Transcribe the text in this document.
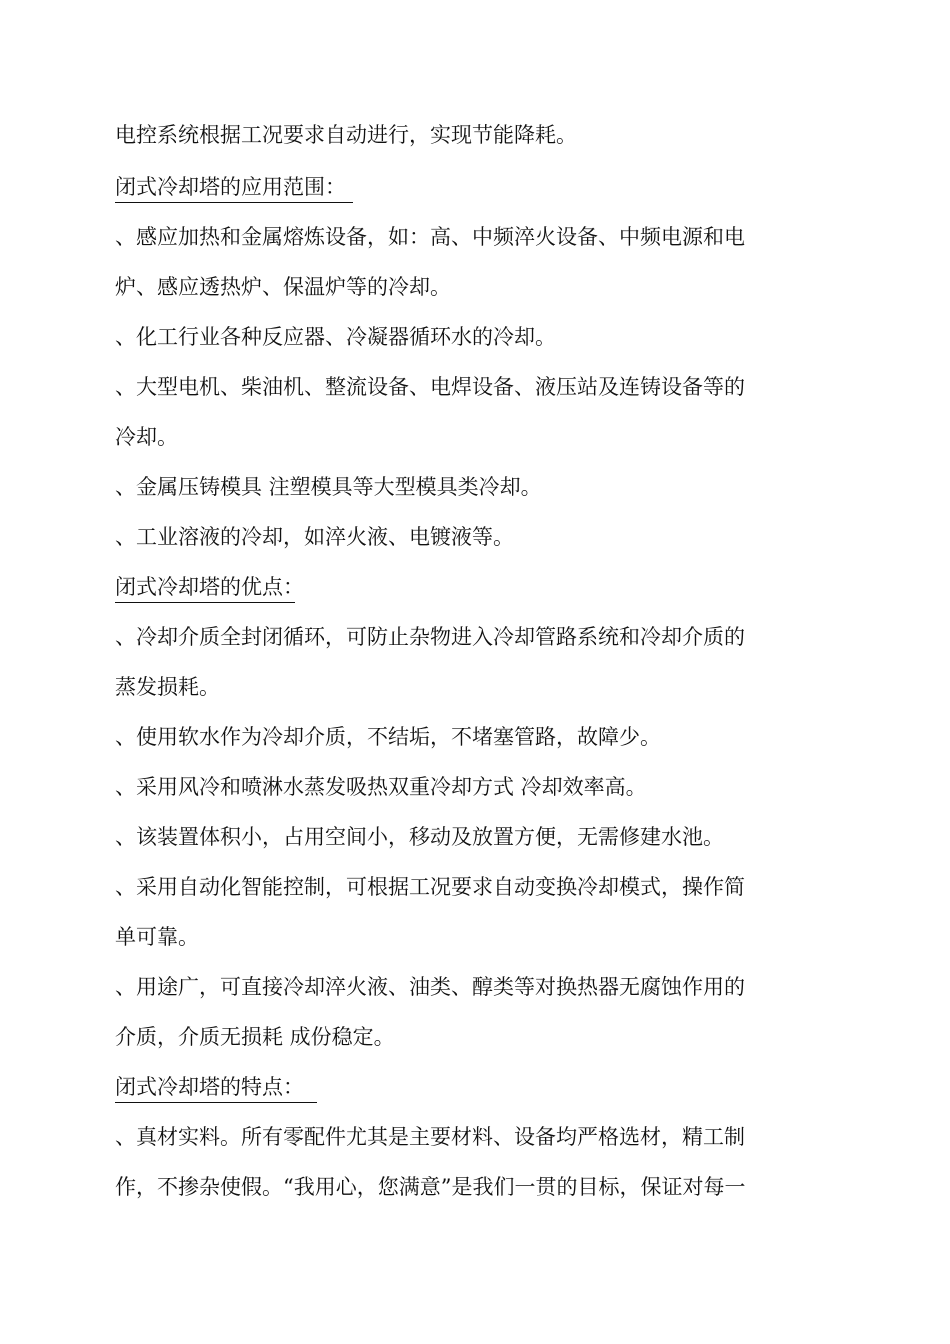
电控系统根据工况要求自动进行，实现节能降耗。
闭式冷却塔的应用范围：
、感应加热和金属熔炼设备，如：高、中频淬火设备、中频电源和电
炉、感应透热炉、保温炉等的冷却。
、化工行业各种反应器、冷凝器循环水的冷却。
、大型电机、柴油机、整流设备、电焊设备、液压站及连铸设备等的
冷却。
、金属压铸模具 注塑模具等大型模具类冷却。
、工业溶液的冷却，如淬火液、电镀液等。
闭式冷却塔的优点：
、冷却介质全封闭循环，可防止杂物进入冷却管路系统和冷却介质的
蒸发损耗。
、使用软水作为冷却介质，不结垢，不堵塞管路，故障少。
、采用风冷和喷淋水蒸发吸热双重冷却方式 冷却效率高。
、该装置体积小，占用空间小，移动及放置方便，无需修建水池。
、采用自动化智能控制，可根据工况要求自动变换冷却模式，操作简
单可靠。
、用途广，可直接冷却淬火液、油类、醇类等对换热器无腐蚀作用的
介质，介质无损耗 成份稳定。
闭式冷却塔的特点：
、真材实料。所有零配件尤其是主要材料、设备均严格选材，精工制
作，不掺杂使假。“我用心，您满意”是我们一贯的目标，保证对每一
